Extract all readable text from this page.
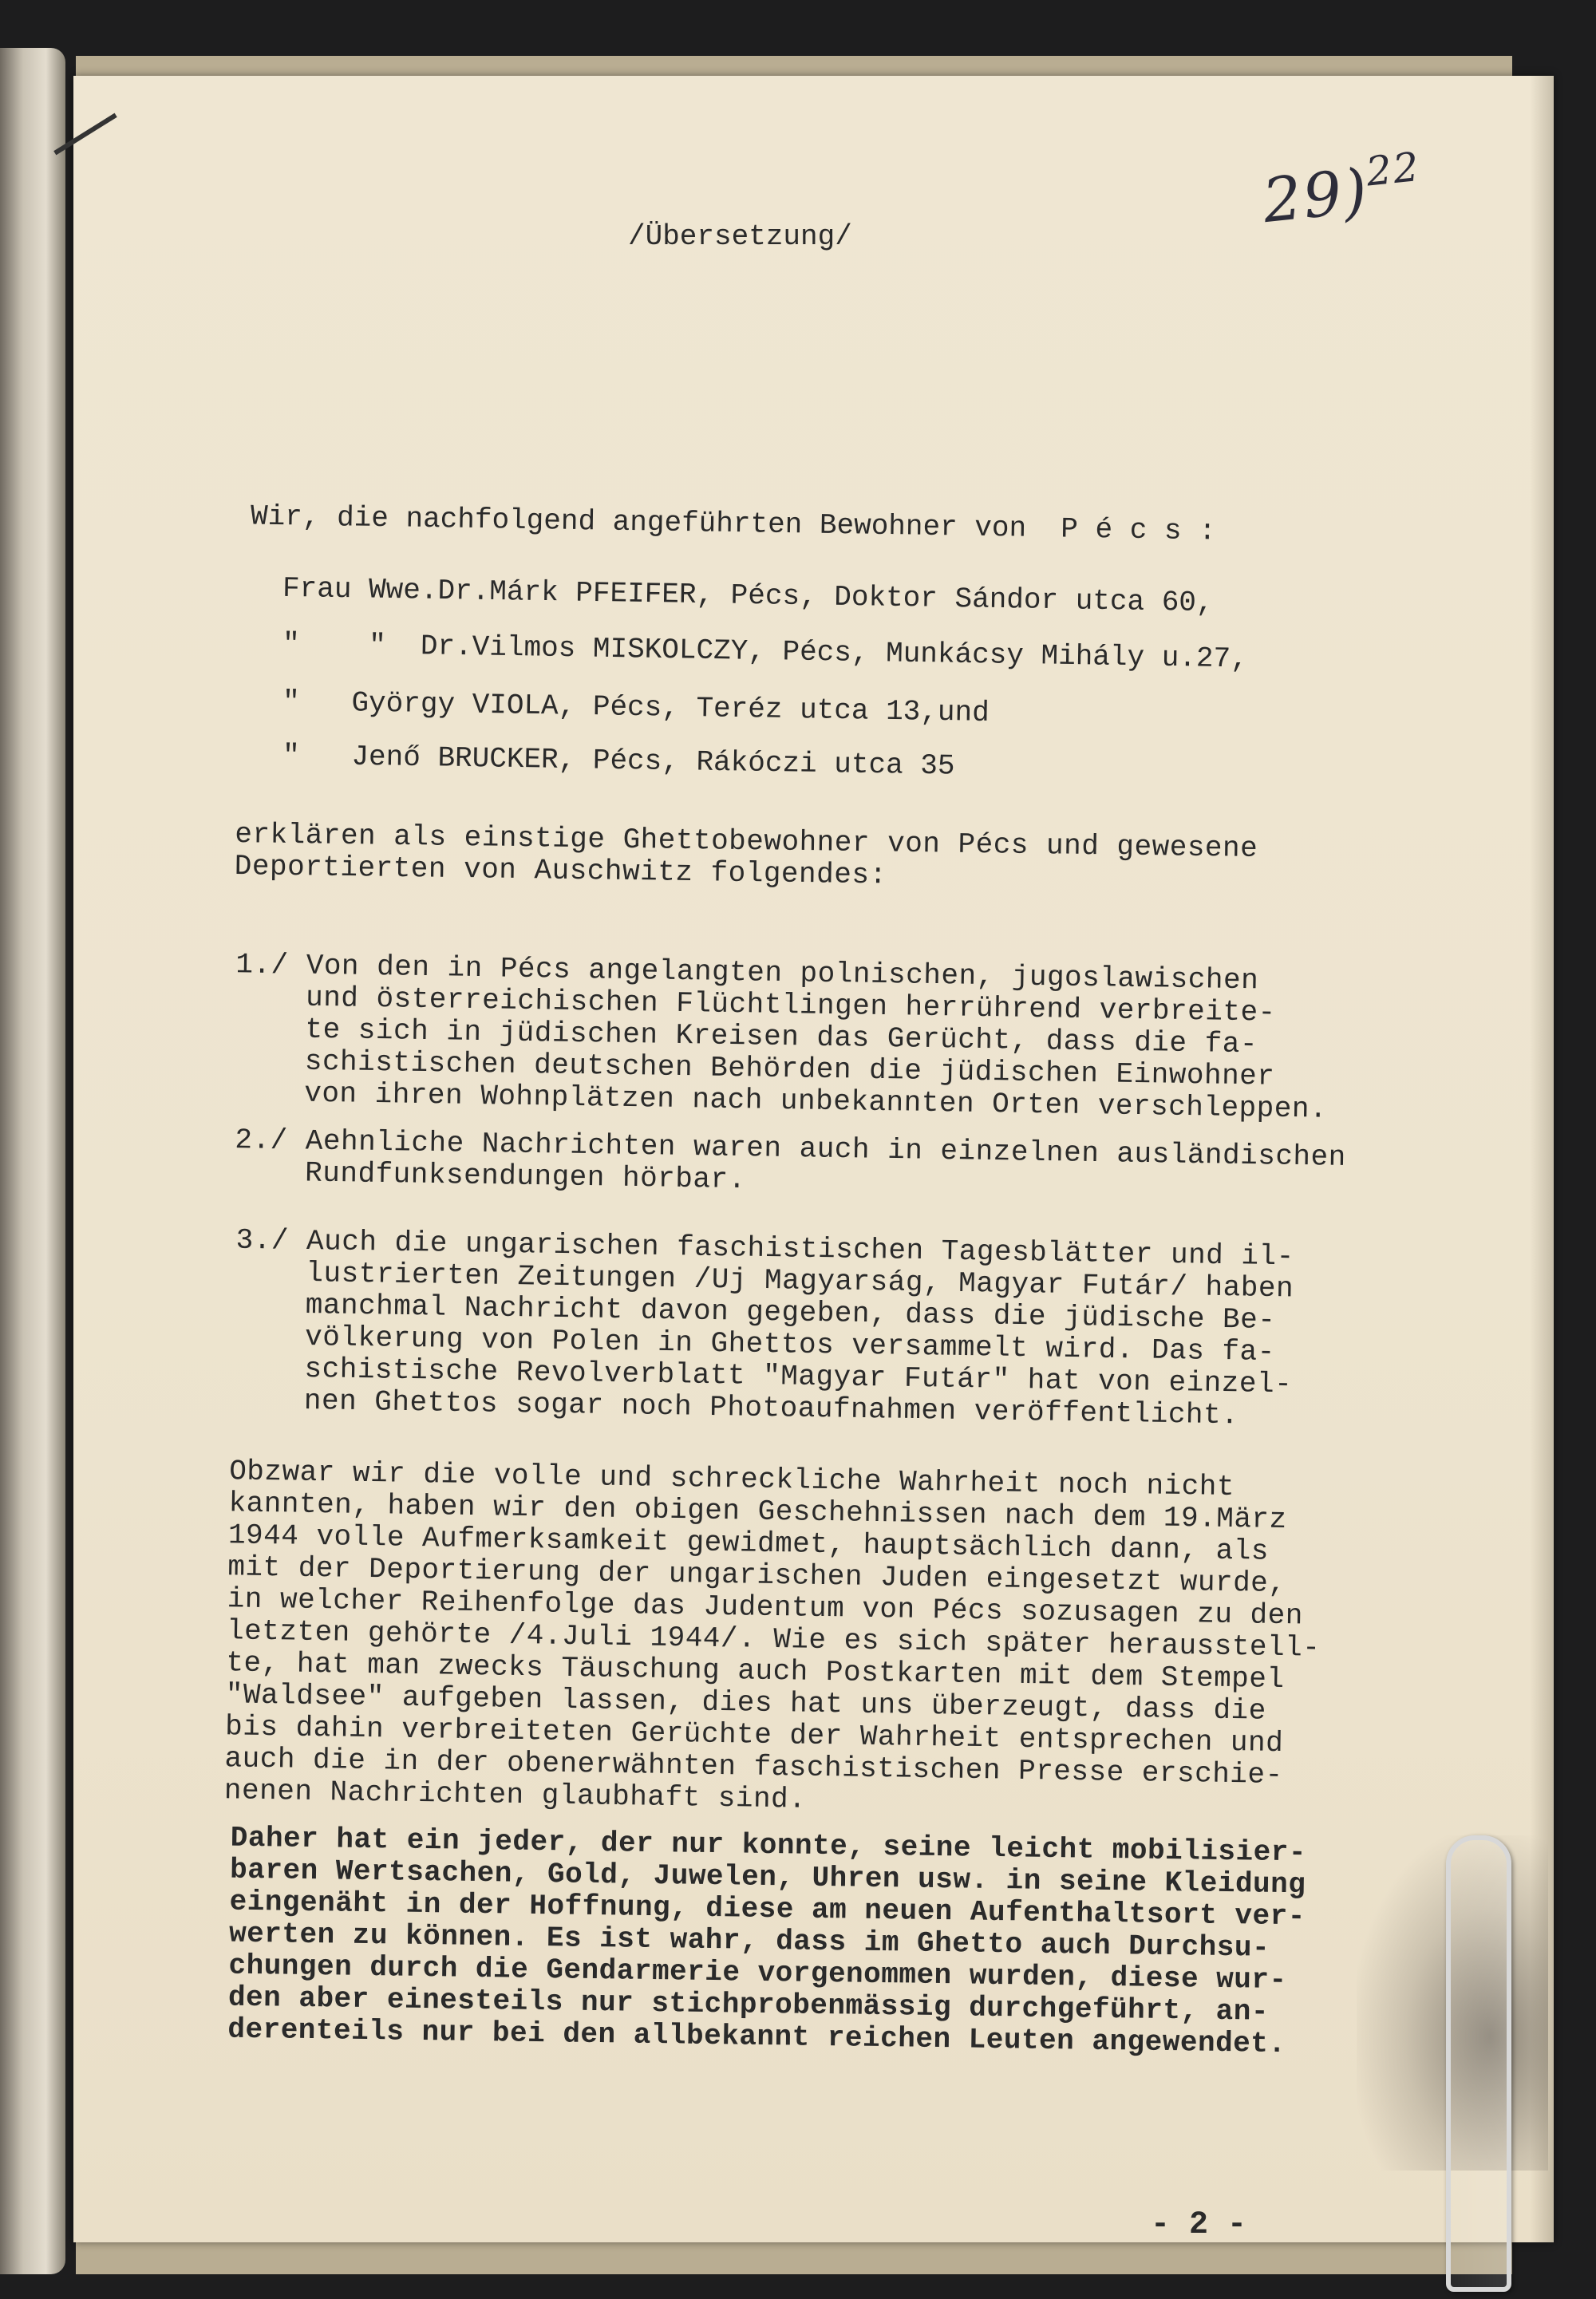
29)$^{22}$

/Übersetzung/

Wir, die nachfolgend angeführten Bewohner von  P é c s :

Frau Wwe.Dr.Márk PFEIFER, Pécs, Doktor Sándor utca 60,

"    "  Dr.Vilmos MISKOLCZY, Pécs, Munkácsy Mihály u.27,

"   György VIOLA, Pécs, Teréz utca 13,und

"   Jenő BRUCKER, Pécs, Rákóczi utca 35

erklären als einstige Ghettobewohner von Pécs und gewesene
Deportierten von Auschwitz folgendes:

1./ Von den in Pécs angelangten polnischen, jugoslawischen
und österreichischen Flüchtlingen herrührend verbreite-
te sich in jüdischen Kreisen das Gerücht, dass die fa-
schistischen deutschen Behörden die jüdischen Einwohner
von ihren Wohnplätzen nach unbekannten Orten verschleppen.

2./ Aehnliche Nachrichten waren auch in einzelnen ausländischen
Rundfunksendungen hörbar.

3./ Auch die ungarischen faschistischen Tagesblätter und il-
lustrierten Zeitungen /Uj Magyarság, Magyar Futár/ haben
manchmal Nachricht davon gegeben, dass die jüdische Be-
völkerung von Polen in Ghettos versammelt wird. Das fa-
schistische Revolverblatt "Magyar Futár" hat von einzel-
nen Ghettos sogar noch Photoaufnahmen veröffentlicht.

Obzwar wir die volle und schreckliche Wahrheit noch nicht
kannten, haben wir den obigen Geschehnissen nach dem 19.März
1944 volle Aufmerksamkeit gewidmet, hauptsächlich dann, als
mit der Deportierung der ungarischen Juden eingesetzt wurde,
in welcher Reihenfolge das Judentum von Pécs sozusagen zu den
letzten gehörte /4.Juli 1944/. Wie es sich später herausstell-
te, hat man zwecks Täuschung auch Postkarten mit dem Stempel
"Waldsee" aufgeben lassen, dies hat uns überzeugt, dass die
bis dahin verbreiteten Gerüchte der Wahrheit entsprechen und
auch die in der obenerwähnten faschistischen Presse erschie-
nenen Nachrichten glaubhaft sind.

Daher hat ein jeder, der nur konnte, seine leicht mobilisier-
baren Wertsachen, Gold, Juwelen, Uhren usw. in seine Kleidung
eingenäht in der Hoffnung, diese am neuen Aufenthaltsort ver-
werten zu können. Es ist wahr, dass im Ghetto auch Durchsu-
chungen durch die Gendarmerie vorgenommen wurden, diese wur-
den aber einesteils nur stichprobenmässig durchgeführt, an-
derenteils nur bei den allbekannt reichen Leuten angewendet.

- 2 -
